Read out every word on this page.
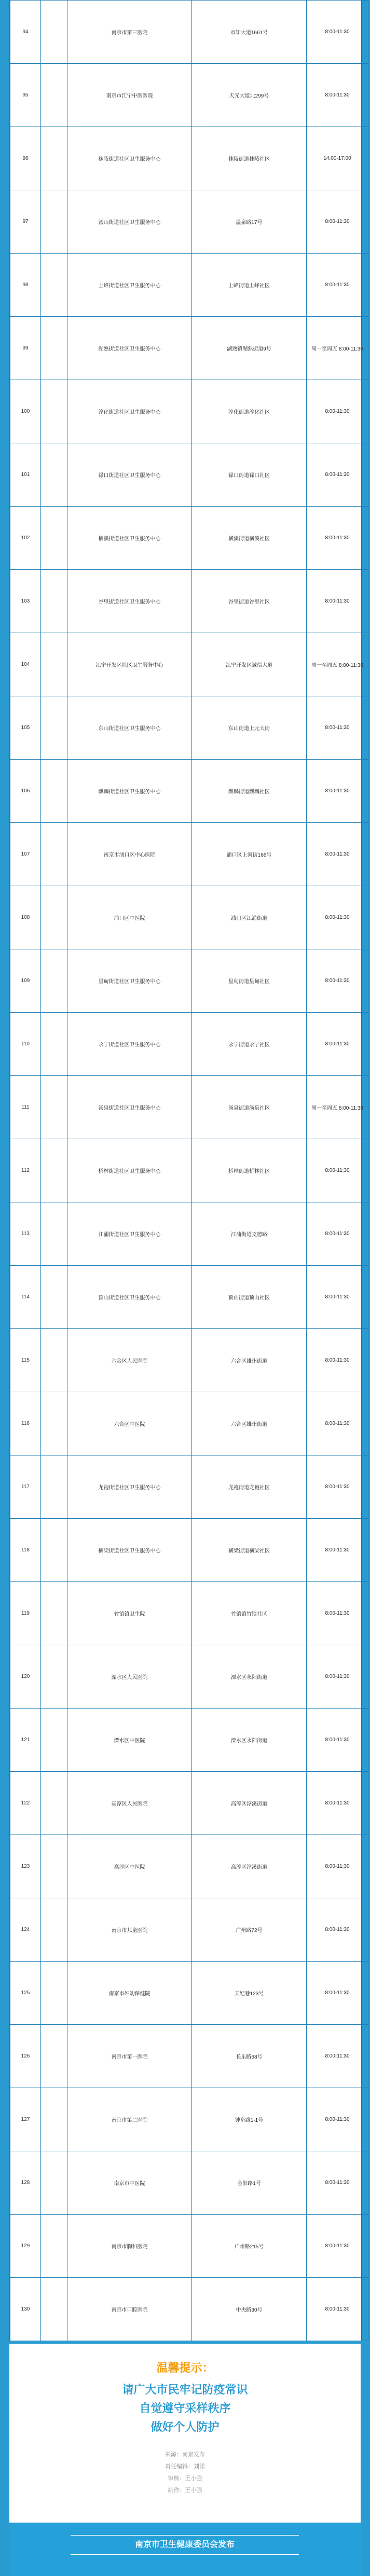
94		南京市第三医院	市知大道1661号	8:00-11:30
95		南京市江宁中医医院	天元大道北299号	8:00-11:30
96		秣陵街道社区卫生服务中心	秣陵街道秣陵社区	14:00-17:00
97		汤山街道社区卫生服务中心	温泉路17号	8:00-11:30
98		上峰街道社区卫生服务中心	上峰街道上峰社区	8:00-11:30
99		湖熟街道社区卫生服务中心	湖熟镇湖熟街道9号	周一至周五 8:00-11:30
100		淳化街道社区卫生服务中心	淳化街道淳化社区	8:00-11:30
101		禄口街道社区卫生服务中心	禄口街道禄口社区	8:00-11:30
102		横溪街道社区卫生服务中心	横溪街道横溪社区	8:00-11:30
103		谷里街道社区卫生服务中心	谷里街道谷里社区	8:00-11:30
104		江宁开发区社区卫生服务中心	江宁开发区诚信大道	周一至周五 8:00-11:30
105		东山街道社区卫生服务中心	东山街道上元大街	8:00-11:30
106		麒麟街道社区卫生服务中心	麒麟街道麒麟社区	8:00-11:30
107		南京市浦口区中心医院	浦口区上河街166号	8:00-11:30
108		浦口区中医院	浦口区江浦街道	8:00-11:30
109		星甸街道社区卫生服务中心	星甸街道星甸社区	8:00-11:30
110		永宁街道社区卫生服务中心	永宁街道永宁社区	8:00-11:30
111		汤泉街道社区卫生服务中心	汤泉街道汤泉社区	周一至周五 8:00-11:30
112		桥林街道社区卫生服务中心	桥林街道桥林社区	8:00-11:30
113		江浦街道社区卫生服务中心	江浦街道文德路	8:00-11:30
114		顶山街道社区卫生服务中心	顶山街道顶山社区	8:00-11:30
115		六合区人民医院	六合区雄州街道	8:00-11:30
116		六合区中医院	六合区雄州街道	8:00-11:30
117		龙袍街道社区卫生服务中心	龙袍街道龙袍社区	8:00-11:30
118		横梁街道社区卫生服务中心	横梁街道横梁社区	8:00-11:30
119		竹镇镇卫生院	竹镇镇竹镇社区	8:00-11:30
120		溧水区人民医院	溧水区永阳街道	8:00-11:30
121		溧水区中医院	溧水区永阳街道	8:00-11:30
122		高淳区人民医院	高淳区淳溪街道	8:00-11:30
123		高淳区中医院	高淳区淳溪街道	8:00-11:30
124		南京市儿童医院	广州路72号	8:00-11:30
125		南京市妇幼保健院	天妃巷123号	8:00-11:30
126		南京市第一医院	长乐路68号	8:00-11:30
127		南京市第二医院	钟阜路1-1号	8:00-11:30
128		南京市中医院	金阳路1号	8:00-11:30
129		南京市胸科医院	广州路215号	8:00-11:30
130		南京市口腔医院	中央路30号	8:00-11:30
温馨提示：
请广大市民牢记防疫常识
自觉遵守采样秩序
做好个人防护
来源：南京发布
责任编辑：刘洋
审核：王小强
制作：王小强
南京市卫生健康委员会发布
